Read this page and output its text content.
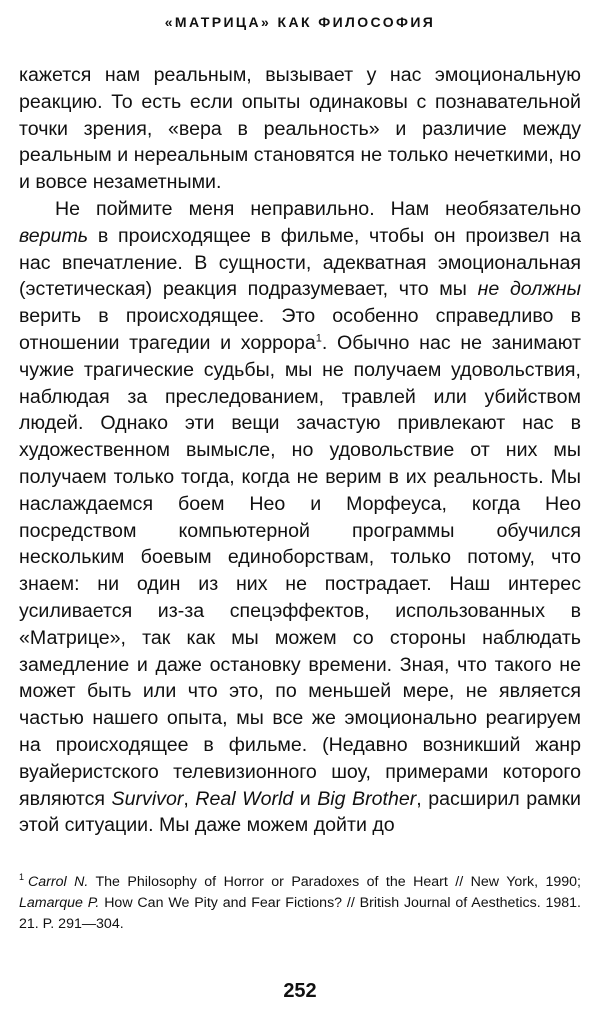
«МАТРИЦА» КАК ФИЛОСОФИЯ

кажется нам реальным, вызывает у нас эмоциональную реакцию. То есть если опыты одинаковы с познавательной точки зрения, «вера в реальность» и различие между реальным и нереальным становятся не только нечеткими, но и вовсе незаметными.

Не поймите меня неправильно. Нам необязательно верить в происходящее в фильме, чтобы он произвел на нас впечатление. В сущности, адекватная эмоциональная (эстетическая) реакция подразумевает, что мы не должны верить в происходящее. Это особенно справедливо в отношении трагедии и хоррора$^1$. Обычно нас не занимают чужие трагические судьбы, мы не получаем удовольствия, наблюдая за преследованием, травлей или убийством людей. Однако эти вещи зачастую привлекают нас в художественном вымысле, но удовольствие от них мы получаем только тогда, когда не верим в их реальность. Мы наслаждаемся боем Нео и Морфеуса, когда Нео посредством компьютерной программы обучился нескольким боевым единоборствам, только потому, что знаем: ни один из них не пострадает. Наш интерес усиливается из-за спецэффектов, использованных в «Матрице», так как мы можем со стороны наблюдать замедление и даже остановку времени. Зная, что такого не может быть или что это, по меньшей мере, не является частью нашего опыта, мы все же эмоционально реагируем на происходящее в фильме. (Недавно возникший жанр вуайеристского телевизионного шоу, примерами которого являются Survivor, Real World и Big Brother, расширил рамки этой ситуации. Мы даже можем дойти до

$^1$ Carrol N. The Philosophy of Horror or Paradoxes of the Heart // New York, 1990; Lamarque P. How Can We Pity and Fear Fictions? // British Journal of Aesthetics. 1981. 21. P. 291—304.
252
